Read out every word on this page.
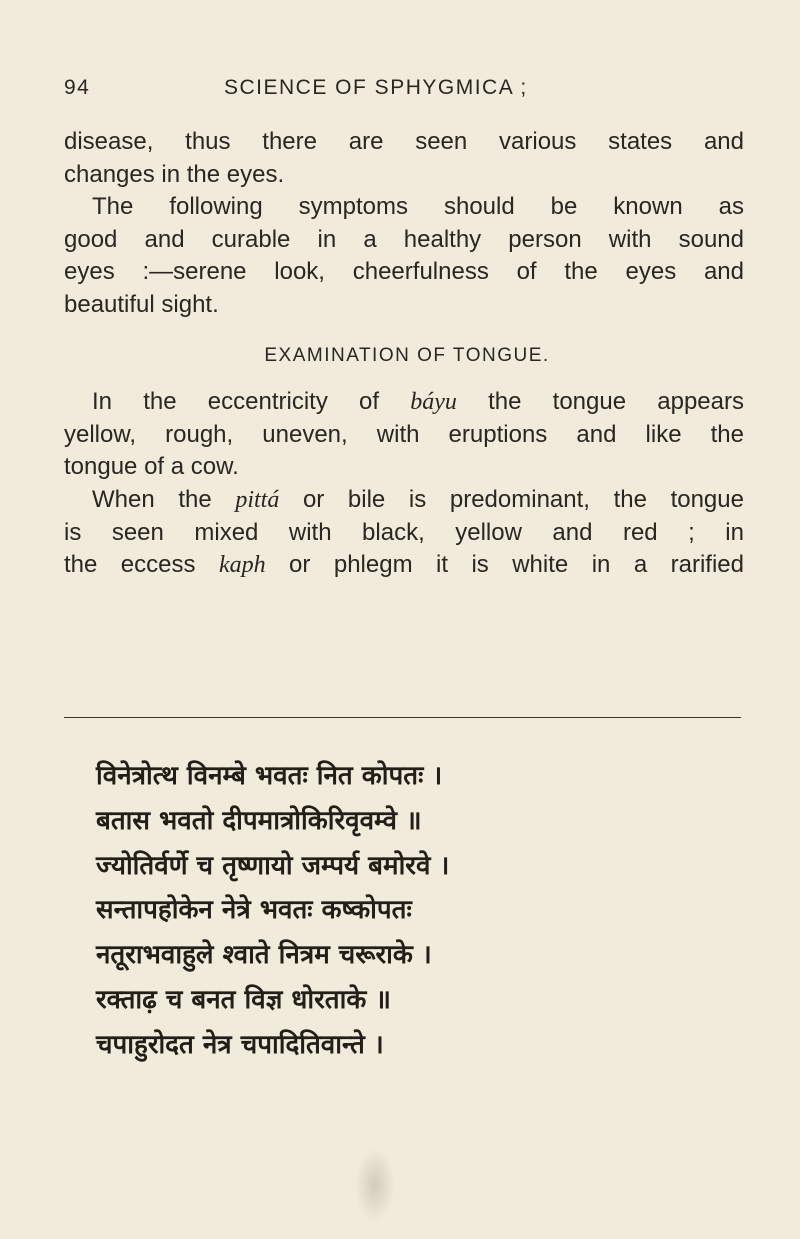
94	SCIENCE OF SPHYGMICA ;
disease, thus there are seen various states and
changes in the eyes.
The following symptoms should be known as
good and curable in a healthy person with sound
eyes :—serene look, cheerfulness of the eyes and
beautiful sight.
EXAMINATION OF TONGUE.
In the eccentricity of báyu the tongue appears
yellow, rough, uneven, with eruptions and like the
tongue of a cow.
When the pittá or bile is predominant, the tongue
is seen mixed with black, yellow and red ; in
the eccess kaph or phlegm it is white in a rarified
विनेत्रोत्थ विनम्बे भवतः नित कोपतः ।
बतास भवतो दीपमात्रोकिरिवृवम्वे ॥
ज्योतिर्वर्णे च तृष्णायो जम्पर्य बमोरवे ।
सन्तापहोकेन नेत्रे भवतः कष्कोपतः
नतूराभवाहुले श्वाते नित्रम चरूराके ।
रक्ताढ़ च बनत विज्ञ धोरताके ॥
चपाहुरोदत नेत्र चपादितिवान्ते ।
